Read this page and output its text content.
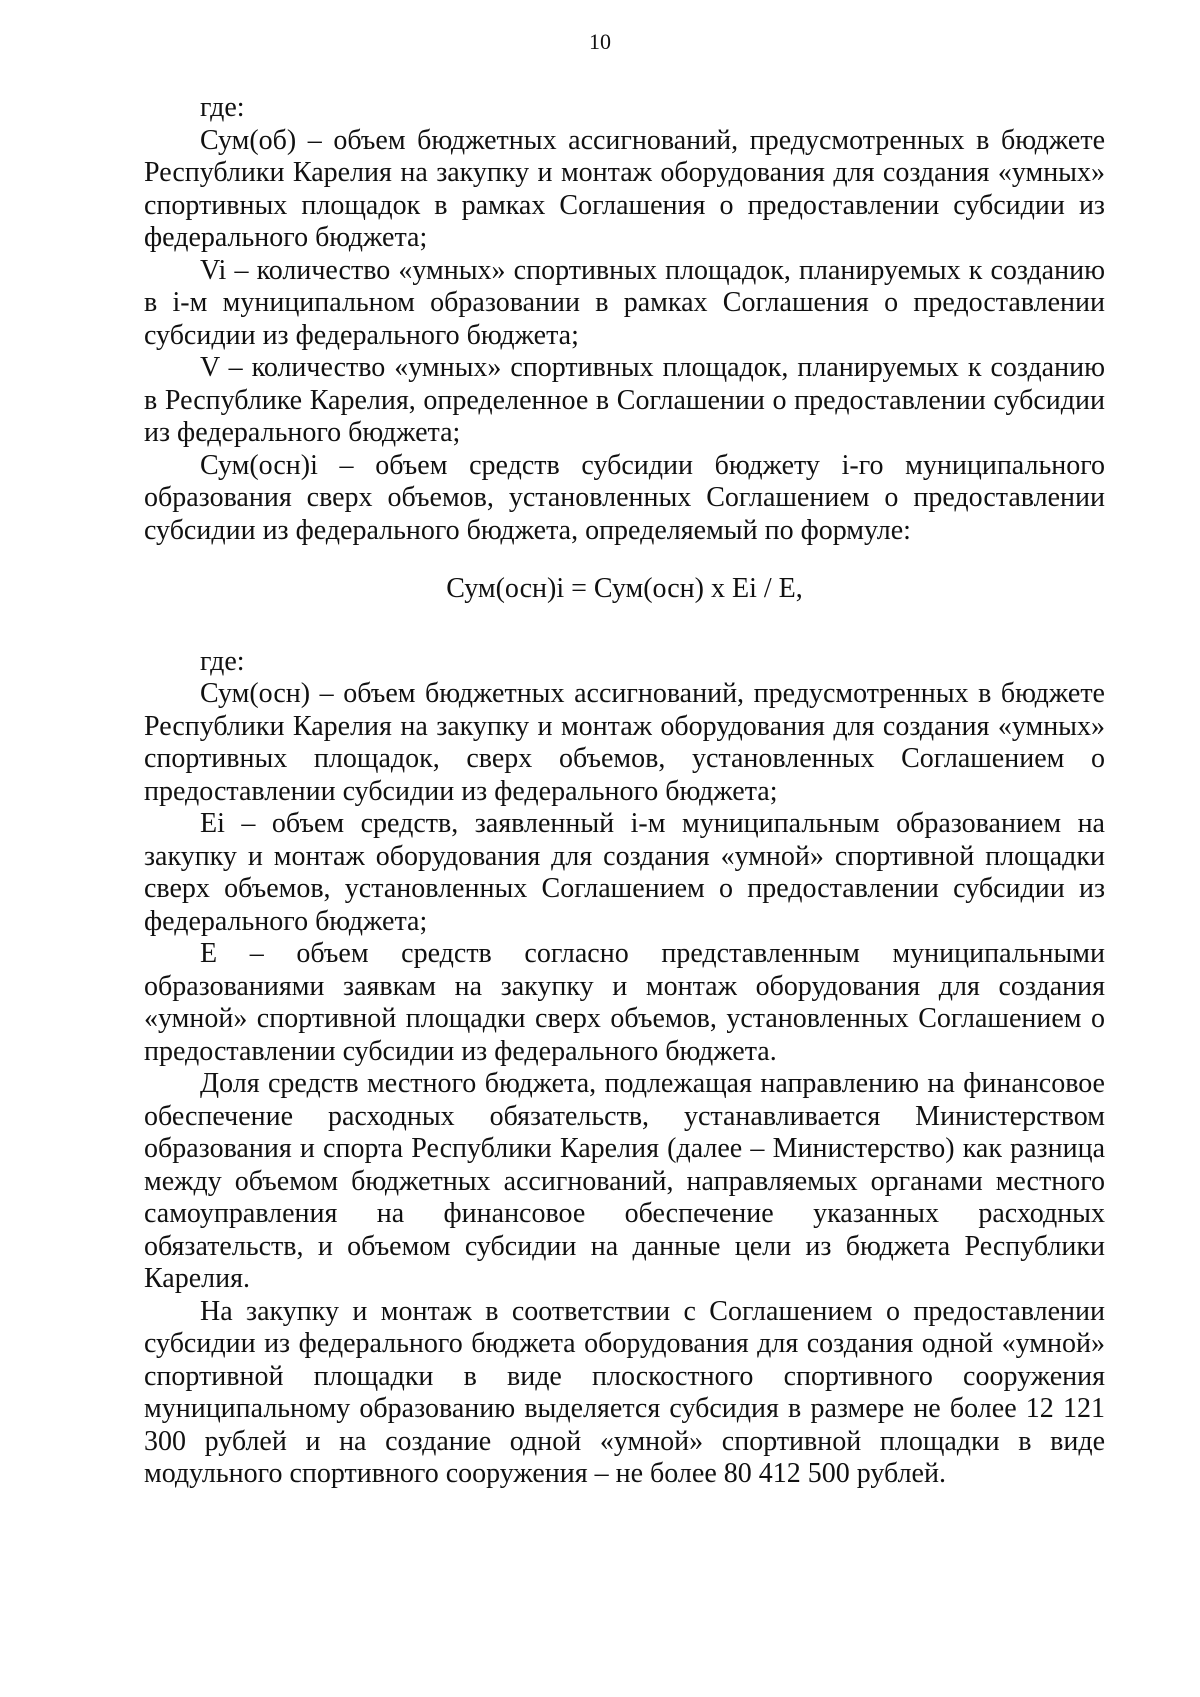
10

где:

Сум(об) – объем бюджетных ассигнований, предусмотренных в бюджете Республики Карелия на закупку и монтаж оборудования для создания «умных» спортивных площадок в рамках Соглашения о предоставлении субсидии из федерального бюджета;

Vi – количество «умных» спортивных площадок, планируемых к созданию в i-м муниципальном образовании в рамках Соглашения о предоставлении субсидии из федерального бюджета;

V – количество «умных» спортивных площадок, планируемых к созданию в Республике Карелия, определенное в Соглашении о предоставлении субсидии из федерального бюджета;

Сум(осн)i – объем средств субсидии бюджету i-го муниципального образования сверх объемов, установленных Соглашением о предоставлении субсидии из федерального бюджета, определяемый по формуле:

Сум(осн)i = Сум(осн) x Ei / E,

где:

Сум(осн) – объем бюджетных ассигнований, предусмотренных в бюджете Республики Карелия на закупку и монтаж оборудования для создания «умных» спортивных площадок, сверх объемов, установленных Соглашением о предоставлении субсидии из федерального бюджета;

Ei – объем средств, заявленный i-м муниципальным образованием на закупку и монтаж оборудования для создания «умной» спортивной площадки сверх объемов, установленных Соглашением о предоставлении субсидии из федерального бюджета;

E – объем средств согласно представленным муниципальными образованиями заявкам на закупку и монтаж оборудования для создания «умной» спортивной площадки сверх объемов, установленных Соглашением о предоставлении субсидии из федерального бюджета.

Доля средств местного бюджета, подлежащая направлению на финансовое обеспечение расходных обязательств, устанавливается Министерством образования и спорта Республики Карелия (далее – Министерство) как разница между объемом бюджетных ассигнований, направляемых органами местного самоуправления на финансовое обеспечение указанных расходных обязательств, и объемом субсидии на данные цели из бюджета Республики Карелия.

На закупку и монтаж в соответствии с Соглашением о предоставлении субсидии из федерального бюджета оборудования для создания одной «умной» спортивной площадки в виде плоскостного спортивного сооружения муниципальному образованию выделяется субсидия в размере не более 12 121 300 рублей и на создание одной «умной» спортивной площадки в виде модульного спортивного сооружения – не более 80 412 500 рублей.
